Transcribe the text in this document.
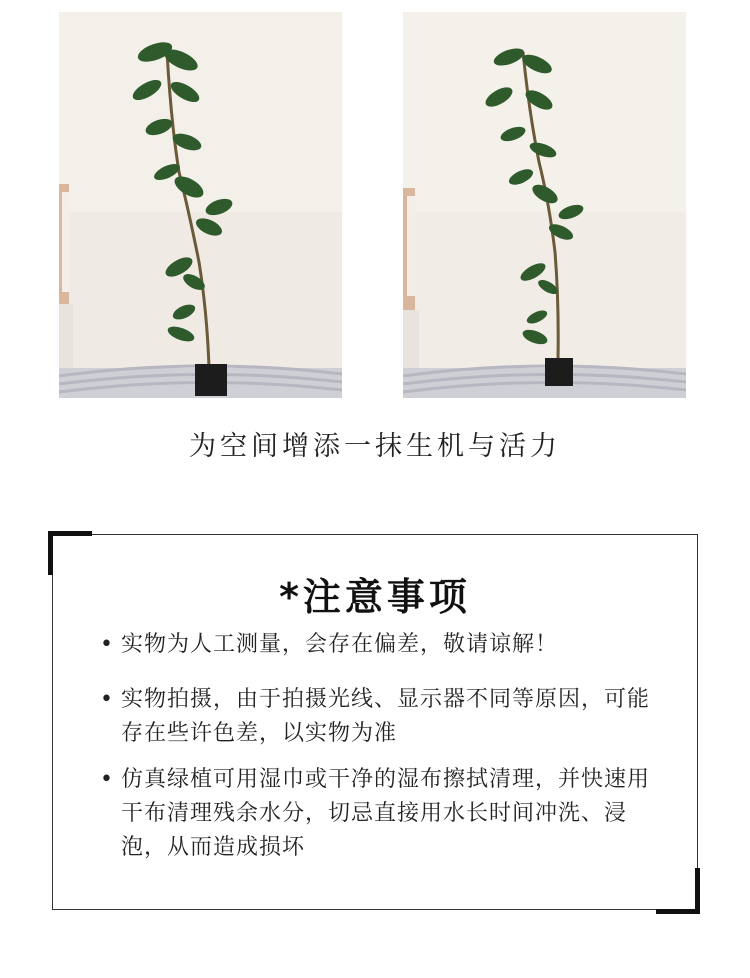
为空间增添一抹生机与活力
*注意事项
• 实物为人工测量，会存在偏差，敬请谅解！
• 实物拍摄，由于拍摄光线、显示器不同等原因，可能存在些许色差，以实物为准
• 仿真绿植可用湿巾或干净的湿布擦拭清理，并快速用干布清理残余水分，切忌直接用水长时间冲洗、浸泡，从而造成损坏
